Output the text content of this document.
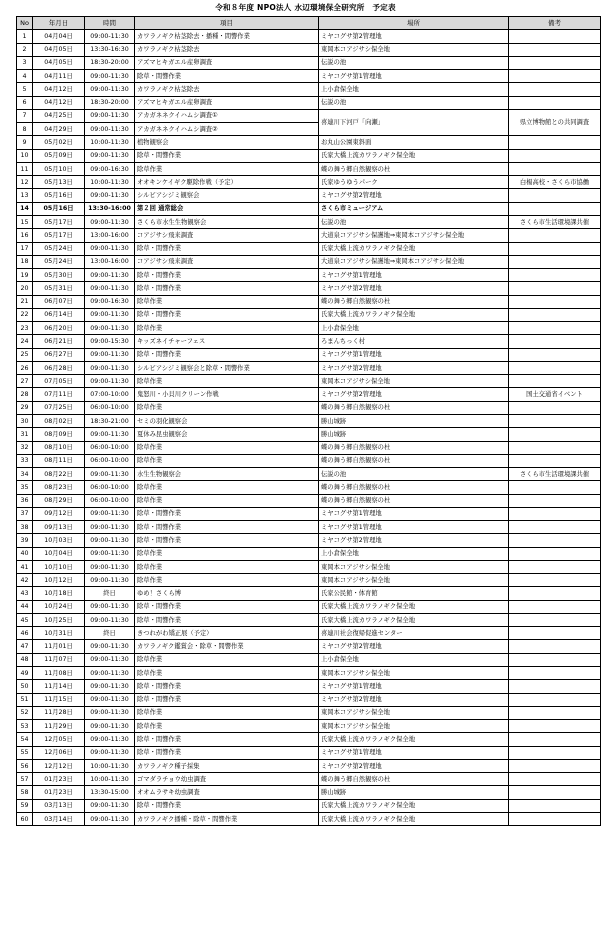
令和８年度 NPO法人 水辺環境保全研究所　予定表
No	年月日	時間	項目	場所	備考
1	04月04日	09:00-11:30	カワラノギク枯茎除去・播種・間響作業	ミヤコグサ第2管理地	
2	04月05日	13:30-16:30	カワラノギク枯茎除去	東岡本コアジサシ保全地	
3	04月05日	18:30-20:00	アズマヒキガエル産卵調査	伝説の池	
4	04月11日	09:00-11:30	除草・間響作業	ミヤコグサ第1管理地	
5	04月12日	09:00-11:30	カワラノギク枯茎除去	上小倉保全地	
6	04月12日	18:30-20:00	アズマヒキガエル産卵調査	伝説の池	
7	04月25日	09:00-11:30	アカガネネクイハムシ調査①	喜連川下河戸「向瀬」	県立博物館との共同調査
8	04月29日	09:00-11:30	アカガネネクイハムシ調査②		
9	05月02日	10:00-11:30	植物観察会	お丸山公園東斜面	
10	05月09日	09:00-11:30	除草・間響作業	氏家大橋上流カワラノギク保全地	
11	05月10日	09:00-16:30	除草作業	蝶の舞う郷自然観察の杜	
12	05月13日	10:00-11:30	オオキンケイギク駆除作戦（予定）	氏家ゆうゆうパーク	白楊高校・さくら市協働
13	05月16日	09:00-11:30	シルビアシジミ観察会	ミヤコグサ第2管理地	
14	05月16日	13:30-16:00	第２回 通常総会	さくら市ミュージアム	
15	05月17日	09:00-11:30	さくら市水生生物観察会	伝説の池	さくら市生活環境課共催
16	05月17日	13:00-16:00	コアジサシ飛来調査	大道泉コアジサシ保護地⇒東岡本コアジサシ保全地	
17	05月24日	09:00-11:30	除草・間響作業	氏家大橋上流カワラノギク保全地	
18	05月24日	13:00-16:00	コアジサシ飛来調査	大道泉コアジサシ保護地⇒東岡本コアジサシ保全地	
19	05月30日	09:00-11:30	除草・間響作業	ミヤコグサ第1管理地	
20	05月31日	09:00-11:30	除草・間響作業	ミヤコグサ第2管理地	
21	06月07日	09:00-16:30	除草作業	蝶の舞う郷自然観察の杜	
22	06月14日	09:00-11:30	除草・間響作業	氏家大橋上流カワラノギク保全地	
23	06月20日	09:00-11:30	除草作業	上小倉保全地	
24	06月21日	09:00-15:30	キッズネイチャーフェス	ろまんちっく村	
25	06月27日	09:00-11:30	除草・間響作業	ミヤコグサ第1管理地	
26	06月28日	09:00-11:30	シルビアシジミ観察会と除草・間響作業	ミヤコグサ第2管理地	
27	07月05日	09:00-11:30	除草作業	東岡本コアジサシ保全地	
28	07月11日	07:00-10:00	鬼怒川・小貝川クリーン作戦	ミヤコグサ第2管理地	国土交通省イベント
29	07月25日	06:00-10:00	除草作業	蝶の舞う郷自然観察の杜	
30	08月02日	18:30-21:00	セミの羽化観察会	勝山城跡	
31	08月09日	09:00-11:30	夏休み昆虫観察会	勝山城跡	
32	08月10日	06:00-10:00	除草作業	蝶の舞う郷自然観察の杜	
33	08月11日	06:00-10:00	除草作業	蝶の舞う郷自然観察の杜	
34	08月22日	09:00-11:30	水生生物観察会	伝説の池	さくら市生活環境課共催
35	08月23日	06:00-10:00	除草作業	蝶の舞う郷自然観察の杜	
36	08月29日	06:00-10:00	除草作業	蝶の舞う郷自然観察の杜	
37	09月12日	09:00-11:30	除草・間響作業	ミヤコグサ第1管理地	
38	09月13日	09:00-11:30	除草・間響作業	ミヤコグサ第1管理地	
39	10月03日	09:00-11:30	除草・間響作業	ミヤコグサ第2管理地	
40	10月04日	09:00-11:30	除草作業	上小倉保全地	
41	10月10日	09:00-11:30	除草作業	東岡本コアジサシ保全地	
42	10月12日	09:00-11:30	除草作業	東岡本コアジサシ保全地	
43	10月18日	終日	ゆめ！さくら博	氏家公民館・体育館	
44	10月24日	09:00-11:30	除草・間響作業	氏家大橋上流カワラノギク保全地	
45	10月25日	09:00-11:30	除草・間響作業	氏家大橋上流カワラノギク保全地	
46	10月31日	終日	きつれがわ矯正展（予定）	喜連川社会復帰促進センター	
47	11月01日	09:00-11:30	カワラノギク鑑賞会・除草・間響作業	ミヤコグサ第2管理地	
48	11月07日	09:00-11:30	除草作業	上小倉保全地	
49	11月08日	09:00-11:30	除草作業	東岡本コアジサシ保全地	
50	11月14日	09:00-11:30	除草・間響作業	ミヤコグサ第1管理地	
51	11月15日	09:00-11:30	除草・間響作業	ミヤコグサ第2管理地	
52	11月28日	09:00-11:30	除草作業	東岡本コアジサシ保全地	
53	11月29日	09:00-11:30	除草作業	東岡本コアジサシ保全地	
54	12月05日	09:00-11:30	除草・間響作業	氏家大橋上流カワラノギク保全地	
55	12月06日	09:00-11:30	除草・間響作業	ミヤコグサ第1管理地	
56	12月12日	10:00-11:30	カワラノギク種子採集	ミヤコグサ第2管理地	
57	01月23日	10:00-11:30	ゴマダラチョウ幼虫調査	蝶の舞う郷自然観察の杜	
58	01月23日	13:30-15:00	オオムラサキ幼虫調査	勝山城跡	
59	03月13日	09:00-11:30	除草・間響作業	氏家大橋上流カワラノギク保全地	
60	03月14日	09:00-11:30	カワラノギク播種・除草・間響作業	氏家大橋上流カワラノギク保全地	
